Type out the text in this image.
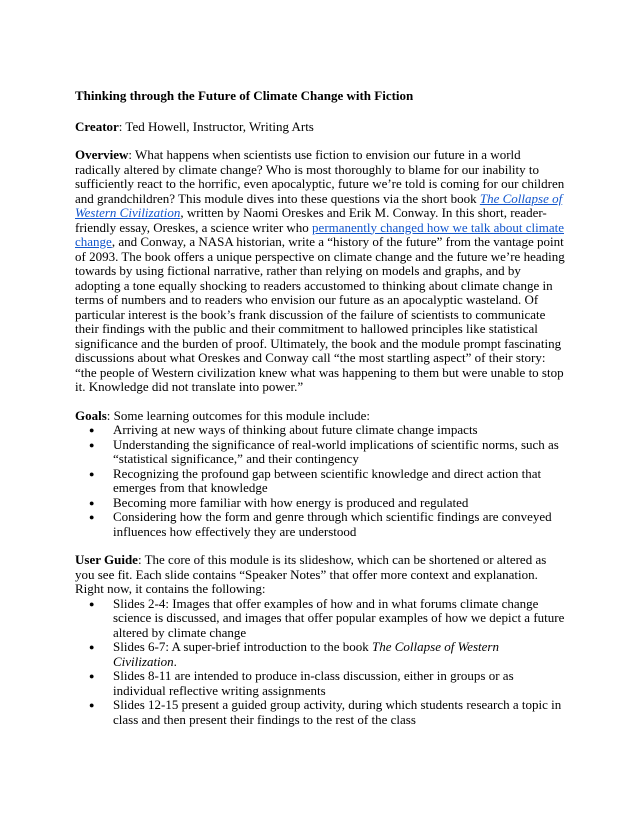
Thinking through the Future of Climate Change with Fiction

Creator: Ted Howell, Instructor, Writing Arts

Overview: What happens when scientists use fiction to envision our future in a world radically altered by climate change? Who is most thoroughly to blame for our inability to sufficiently react to the horrific, even apocalyptic, future we’re told is coming for our children and grandchildren? This module dives into these questions via the short book The Collapse of Western Civilization, written by Naomi Oreskes and Erik M. Conway. In this short, reader-friendly essay, Oreskes, a science writer who permanently changed how we talk about climate change, and Conway, a NASA historian, write a “history of the future” from the vantage point of 2093. The book offers a unique perspective on climate change and the future we’re heading towards by using fictional narrative, rather than relying on models and graphs, and by adopting a tone equally shocking to readers accustomed to thinking about climate change in terms of numbers and to readers who envision our future as an apocalyptic wasteland. Of particular interest is the book’s frank discussion of the failure of scientists to communicate their findings with the public and their commitment to hallowed principles like statistical significance and the burden of proof. Ultimately, the book and the module prompt fascinating discussions about what Oreskes and Conway call “the most startling aspect” of their story: “the people of Western civilization knew what was happening to them but were unable to stop it. Knowledge did not translate into power.”

Goals: Some learning outcomes for this module include:

● Arriving at new ways of thinking about future climate change impacts
● Understanding the significance of real-world implications of scientific norms, such as “statistical significance,” and their contingency
● Recognizing the profound gap between scientific knowledge and direct action that emerges from that knowledge
● Becoming more familiar with how energy is produced and regulated
● Considering how the form and genre through which scientific findings are conveyed influences how effectively they are understood

User Guide: The core of this module is its slideshow, which can be shortened or altered as you see fit. Each slide contains “Speaker Notes” that offer more context and explanation. Right now, it contains the following:

● Slides 2-4: Images that offer examples of how and in what forums climate change science is discussed, and images that offer popular examples of how we depict a future altered by climate change
● Slides 6-7: A super-brief introduction to the book The Collapse of Western Civilization.
● Slides 8-11 are intended to produce in-class discussion, either in groups or as individual reflective writing assignments
● Slides 12-15 present a guided group activity, during which students research a topic in class and then present their findings to the rest of the class
